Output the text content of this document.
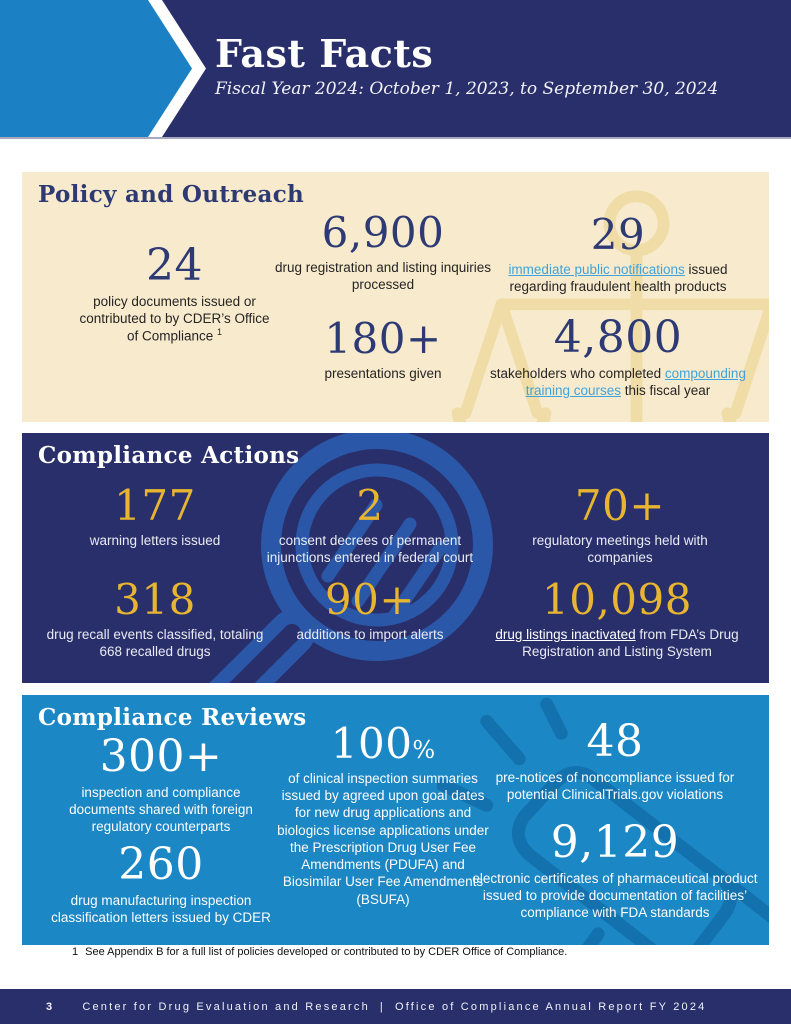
Fast Facts
Fiscal Year 2024: October 1, 2023, to September 30, 2024
Policy and Outreach
24
policy documents issued or contributed to by CDER’s Office of Compliance $^1$
6,900
drug registration and listing inquiries processed
180+
presentations given
29
immediate public notifications issued regarding fraudulent health products
4,800
stakeholders who completed compounding training courses this fiscal year
Compliance Actions
177
warning letters issued
2
consent decrees of permanent injunctions entered in federal court
70+
regulatory meetings held with companies
318
drug recall events classified, totaling 668 recalled drugs
90+
additions to import alerts
10,098
drug listings inactivated from FDA’s Drug Registration and Listing System
Compliance Reviews
300+
inspection and compliance documents shared with foreign regulatory counterparts
260
drug manufacturing inspection classification letters issued by CDER
100%
of clinical inspection summaries issued by agreed upon goal dates for new drug applications and biologics license applications under the Prescription Drug User Fee Amendments (PDUFA) and Biosimilar User Fee Amendments (BSUFA)
48
pre-notices of noncompliance issued for potential ClinicalTrials.gov violations
9,129
electronic certificates of pharmaceutical product issued to provide documentation of facilities’ compliance with FDA standards

1 See Appendix B for a full list of policies developed or contributed to by CDER Office of Compliance.

3	Center for Drug Evaluation and Research | Office of Compliance Annual Report FY 2024
